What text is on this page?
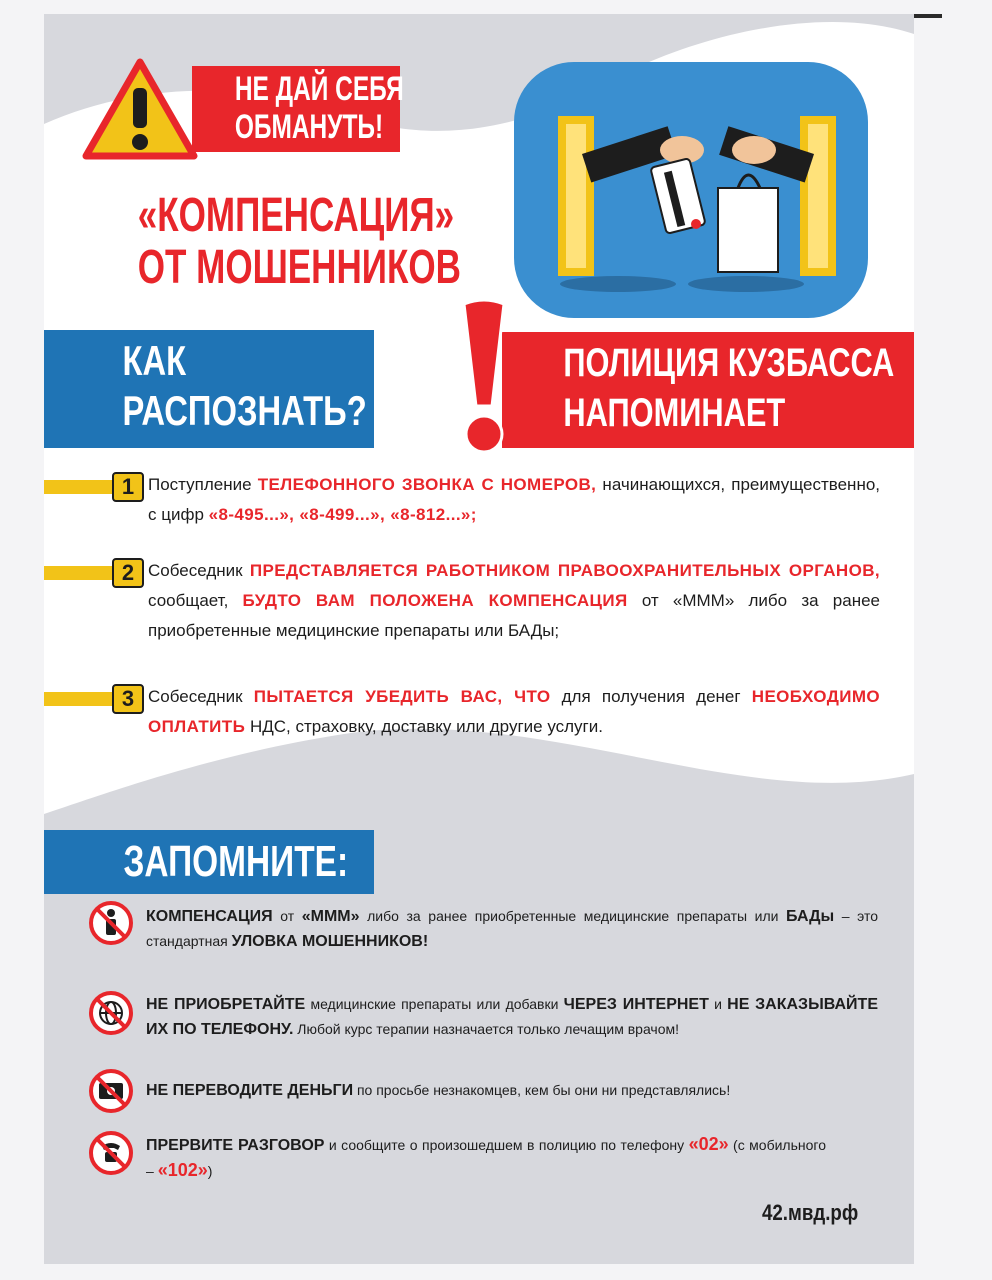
НЕ ДАЙ СЕБЯ
ОБМАНУТЬ!
«КОМПЕНСАЦИЯ»
ОТ МОШЕННИКОВ
КАК
РАСПОЗНАТЬ?
ПОЛИЦИЯ КУЗБАССА
НАПОМИНАЕТ
1 Поступление ТЕЛЕФОННОГО ЗВОНКА С НОМЕРОВ, начинающихся, преимущественно, с цифр «8-495...», «8-499...», «8-812...»;
2 Собеседник ПРЕДСТАВЛЯЕТСЯ РАБОТНИКОМ ПРАВООХРАНИТЕЛЬНЫХ ОРГАНОВ, сообщает, БУДТО ВАМ ПОЛОЖЕНА КОМПЕНСАЦИЯ от «МММ» либо за ранее приобретенные медицинские препараты или БАДы;
3 Собеседник ПЫТАЕТСЯ УБЕДИТЬ ВАС, ЧТО для получения денег НЕОБХОДИМО ОПЛАТИТЬ НДС, страховку, доставку или другие услуги.
ЗАПОМНИТЕ:
КОМПЕНСАЦИЯ от «МММ» либо за ранее приобретенные медицинские препараты или БАДы – это стандартная УЛОВКА МОШЕННИКОВ!
НЕ ПРИОБРЕТАЙТЕ медицинские препараты или добавки ЧЕРЕЗ ИНТЕРНЕТ и НЕ ЗАКАЗЫВАЙТЕ ИХ ПО ТЕЛЕФОНУ. Любой курс терапии назначается только лечащим врачом!
НЕ ПЕРЕВОДИТЕ ДЕНЬГИ по просьбе незнакомцев, кем бы они ни представлялись!
ПРЕРВИТЕ РАЗГОВОР и сообщите о произошедшем в полицию по телефону «02» (с мобильного – «102»)
42.мвд.рф
